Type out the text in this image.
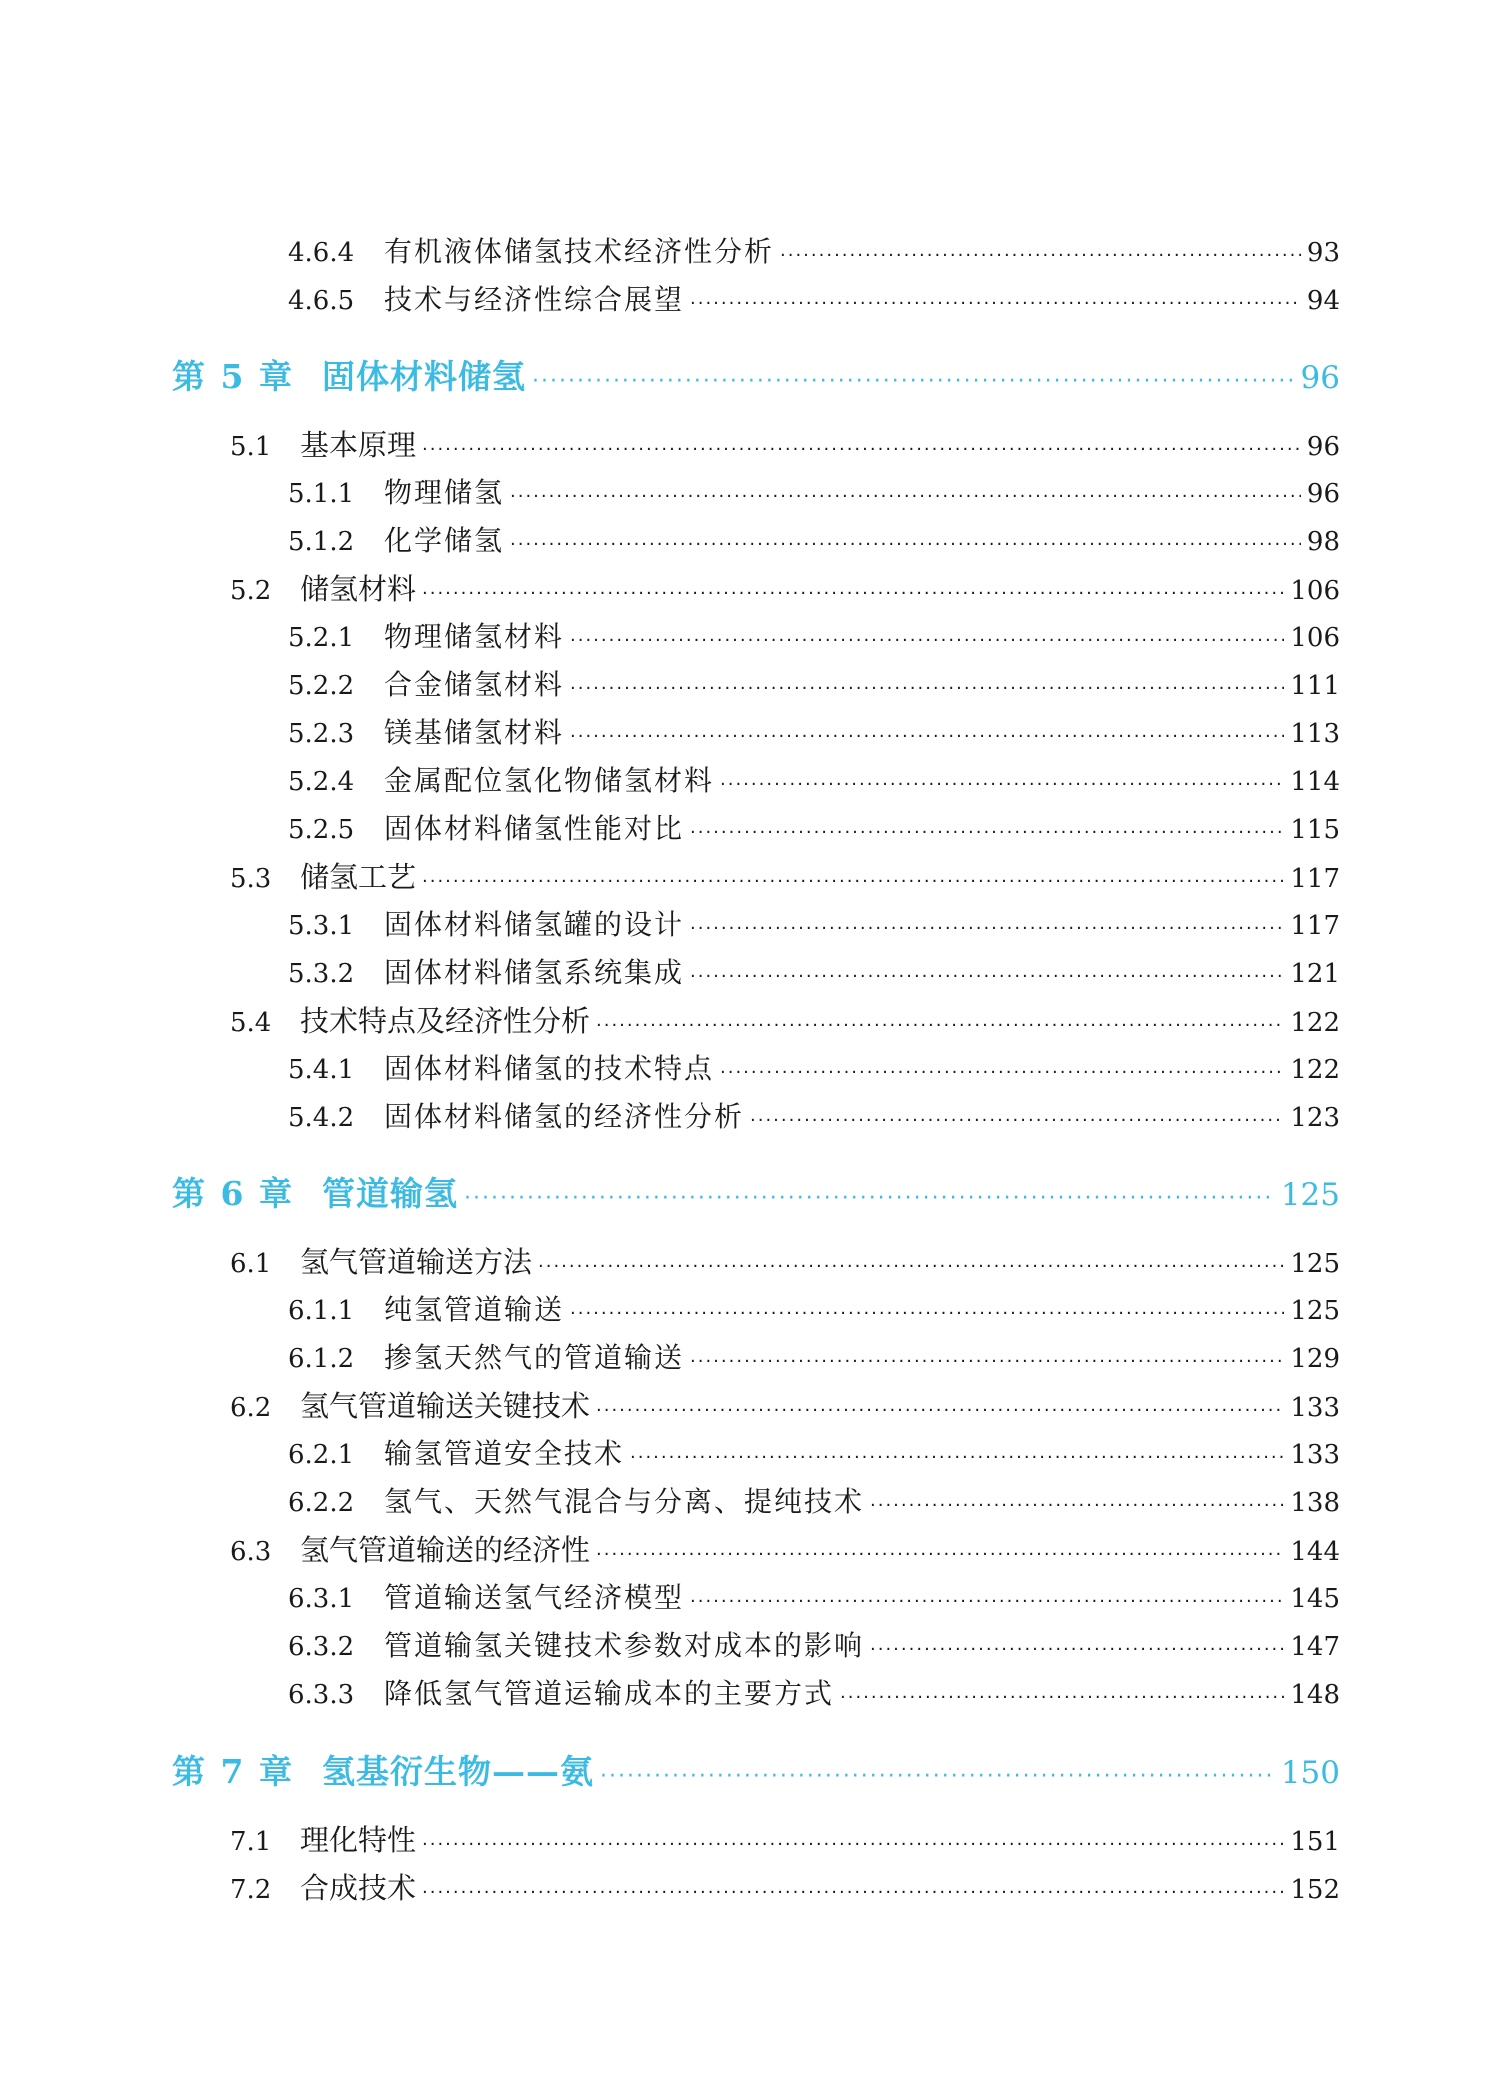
4.6.4	有机液体储氢技术经济性分析 ·····	93
4.6.5	技术与经济性综合展望 ·····	94
第 5 章 固体材料储氢 ·····	96
5.1 基本原理 ·····	96
5.1.1	物理储氢 ·····	96
5.1.2	化学储氢 ·····	98
5.2 储氢材料 ·····	106
5.2.1	物理储氢材料 ·····	106
5.2.2	合金储氢材料 ·····	111
5.2.3	镁基储氢材料 ·····	113
5.2.4	金属配位氢化物储氢材料 ·····	114
5.2.5	固体材料储氢性能对比 ·····	115
5.3 储氢工艺 ·····	117
5.3.1	固体材料储氢罐的设计 ·····	117
5.3.2	固体材料储氢系统集成 ·····	121
5.4 技术特点及经济性分析 ·····	122
5.4.1	固体材料储氢的技术特点 ·····	122
5.4.2	固体材料储氢的经济性分析 ·····	123
第 6 章 管道输氢 ·····	125
6.1 氢气管道输送方法 ·····	125
6.1.1	纯氢管道输送 ·····	125
6.1.2	掺氢天然气的管道输送 ·····	129
6.2 氢气管道输送关键技术 ·····	133
6.2.1	输氢管道安全技术 ·····	133
6.2.2	氢气、天然气混合与分离、提纯技术 ·····	138
6.3 氢气管道输送的经济性 ·····	144
6.3.1	管道输送氢气经济模型 ·····	145
6.3.2	管道输氢关键技术参数对成本的影响 ·····	147
6.3.3	降低氢气管道运输成本的主要方式 ·····	148
第 7 章 氢基衍生物——氨 ·····	150
7.1 理化特性 ·····	151
7.2 合成技术 ·····	152
